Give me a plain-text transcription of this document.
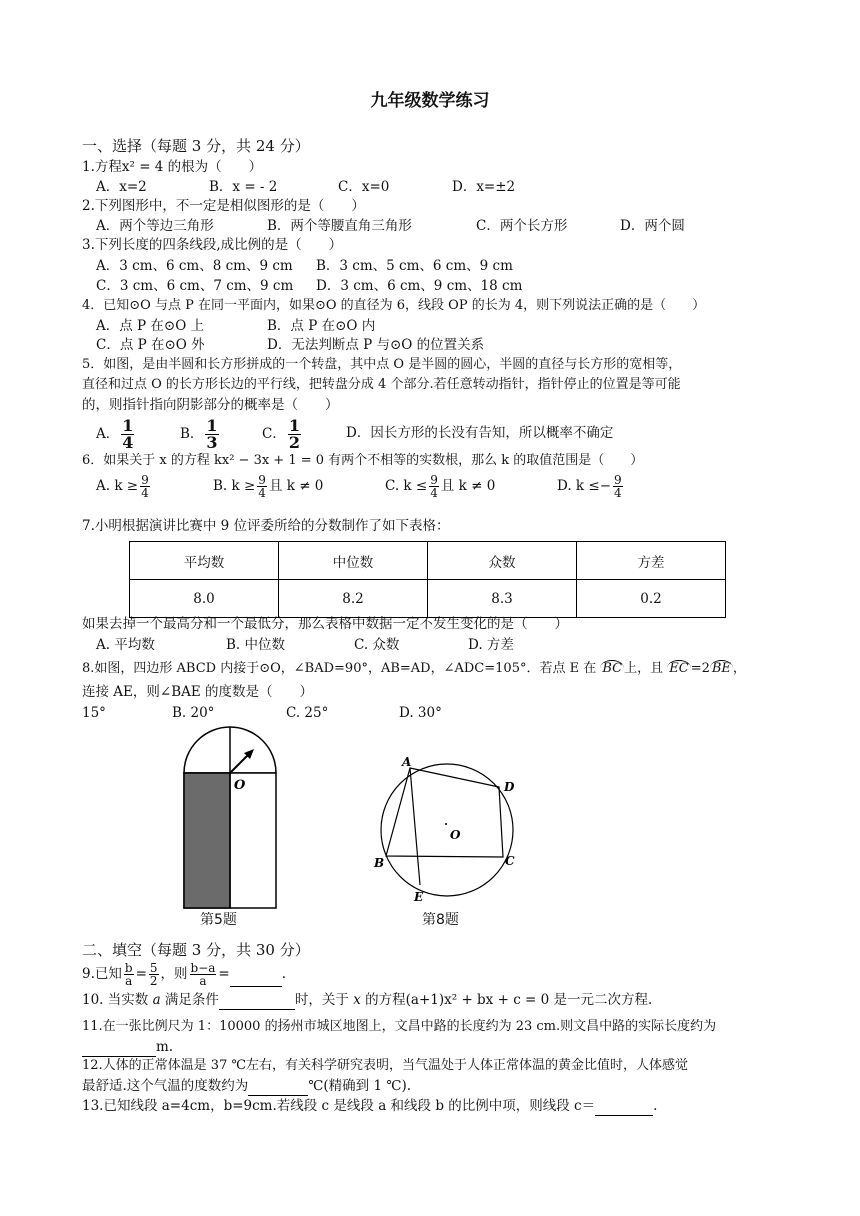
九年级数学练习
一、选择（每题 3 分，共 24 分）
1.方程x² = 4 的根为（　　）
A．x=2	B．x = - 2	C．x=0	D．x=±2
2.下列图形中，不一定是相似图形的是（　　）
A．两个等边三角形	B．两个等腰直角三角形	C．两个长方形	D．两个圆
3.下列长度的四条线段,成比例的是（　　）
A．3 cm、6 cm、8 cm、9 cm B．3 cm、5 cm、6 cm、9 cm
C．3 cm、6 cm、7 cm、9 cm D．3 cm、6 cm、9 cm、18 cm
4．已知⊙O 与点 P 在同一平面内，如果⊙O 的直径为 6，线段 OP 的长为 4，则下列说法正确的是（　　）
A．点 P 在⊙O 上	B．点 P 在⊙O 内
C．点 P 在⊙O 外	D．无法判断点 P 与⊙O 的位置关系
5．如图，是由半圆和长方形拼成的一个转盘，其中点 O 是半圆的圆心，半圆的直径与长方形的宽相等，
直径和过点 O 的长方形长边的平行线，把转盘分成 4 个部分.若任意转动指针，指针停止的位置是等可能
的，则指针指向阴影部分的概率是（　　）
A． $\frac{1}{4}$	B． $\frac{1}{3}$	C． $\frac{1}{2}$	D．因长方形的长没有告知，所以概率不确定
6．如果关于 x 的方程 kx² − 3x + 1 = 0 有两个不相等的实数根，那么 k 的取值范围是（　　）
A. $k \ge \frac{9}{4}$	B. $k \ge \frac{9}{4}$ 且 k ≠ 0	C. $k \le \frac{9}{4}$ 且 k ≠ 0	D. $k \le- \frac{9}{4}$
7.小明根据演讲比赛中 9 位评委所给的分数制作了如下表格：
平均数	中位数	众数	方差
8.0	8.2	8.3	0.2
如果去掉一个最高分和一个最低分，那么表格中数据一定不发生变化的是（　　）
A. 平均数	B. 中位数	C. 众数	D. 方差
8.如图，四边形 ABCD 内接于⊙O，∠BAD=90°，AB=AD，∠ADC=105°．若点 E 在 BC 上，且 EC =2 BE ，
连接 AE，则∠BAE 的度数是（　　）
15°	B. 20°	C. 25°	D. 30°
O
第5题
A
D
B	C
E
O
第8题
二、填空（每题 3 分，共 30 分）
9.已知 $\frac{b}{a} = \frac{5}{2}$ ，则 $\frac{b-a}{a}$ =	.
10. 当实数 a 满足条件	时，关于 x 的方程(a+1)x² + bx + c = 0 是一元二次方程.
11.在一张比例尺为 1：10000 的扬州市城区地图上，文昌中路的长度约为 23 cm.则文昌中路的实际长度约为
m.
12.人体的正常体温是 37 ℃左右，有关科学研究表明，当气温处于人体正常体温的黄金比值时，人体感觉
最舒适.这个气温的度数约为	℃(精确到 1 ℃).
13.已知线段 a=4cm，b=9cm.若线段 c 是线段 a 和线段 b 的比例中项，则线段 c＝	.
